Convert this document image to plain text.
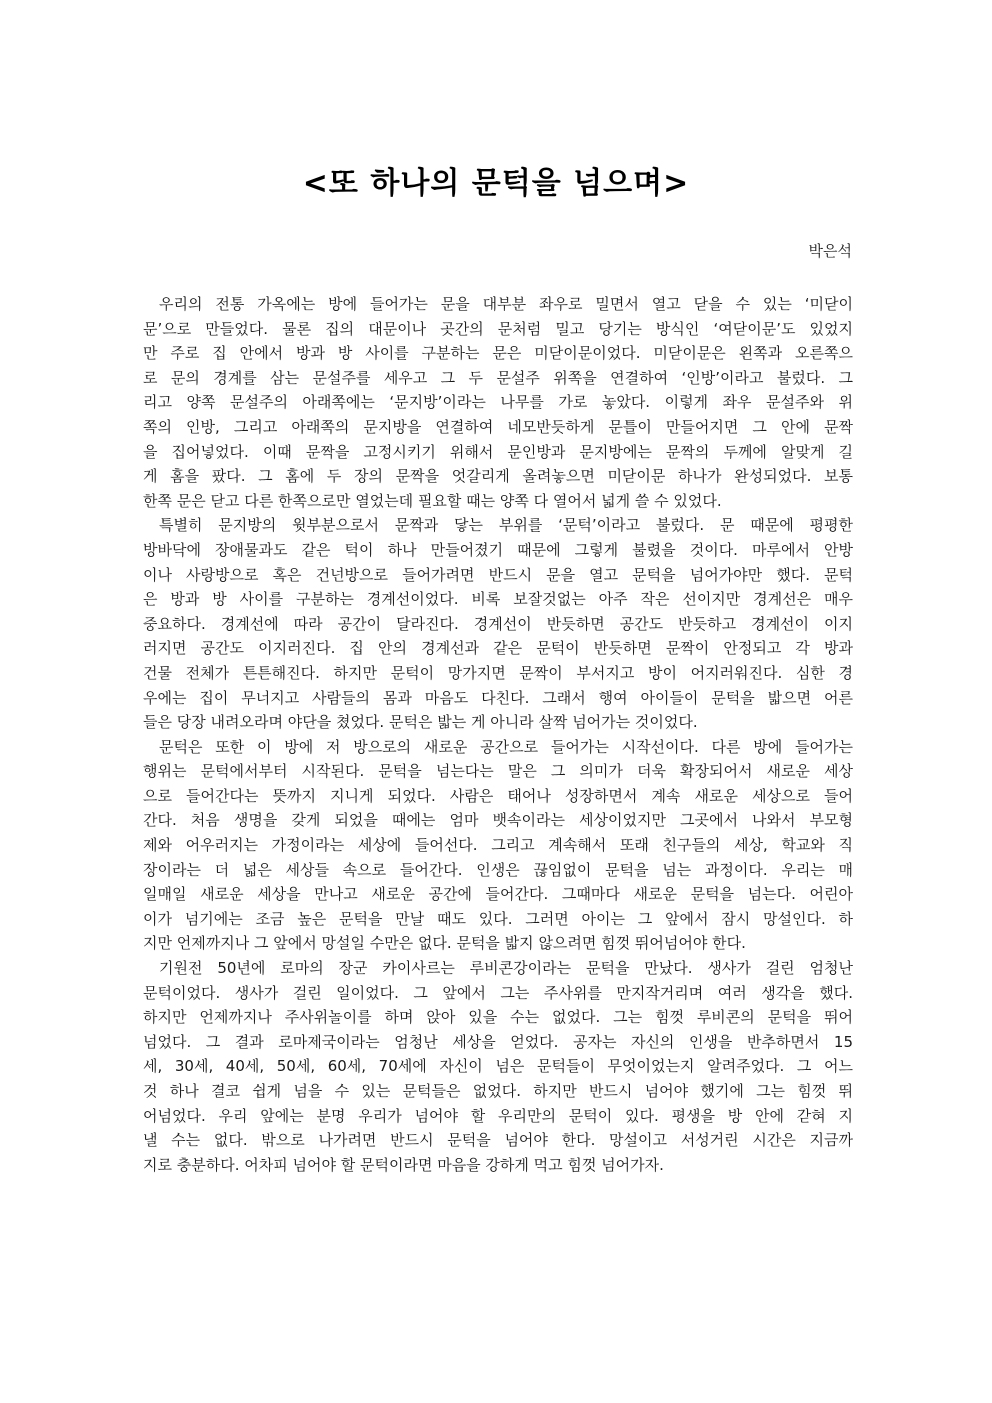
<또 하나의 문턱을 넘으며>
박은석
우리의 전통 가옥에는 방에 들어가는 문을 대부분 좌우로 밀면서 열고 닫을 수 있는 ‘미닫이
문’으로 만들었다. 물론 집의 대문이나 곳간의 문처럼 밀고 당기는 방식인 ‘여닫이문’도 있었지
만 주로 집 안에서 방과 방 사이를 구분하는 문은 미닫이문이었다. 미닫이문은 왼쪽과 오른쪽으
로 문의 경계를 삼는 문설주를 세우고 그 두 문설주 위쪽을 연결하여 ‘인방’이라고 불렀다. 그
리고 양쪽 문설주의 아래쪽에는 ‘문지방’이라는 나무를 가로 놓았다. 이렇게 좌우 문설주와 위
쪽의 인방, 그리고 아래쪽의 문지방을 연결하여 네모반듯하게 문틀이 만들어지면 그 안에 문짝
을 집어넣었다. 이때 문짝을 고정시키기 위해서 문인방과 문지방에는 문짝의 두께에 알맞게 길
게 홈을 팠다. 그 홈에 두 장의 문짝을 엇갈리게 올려놓으면 미닫이문 하나가 완성되었다. 보통
한쪽 문은 닫고 다른 한쪽으로만 열었는데 필요할 때는 양쪽 다 열어서 넓게 쓸 수 있었다.
특별히 문지방의 윗부분으로서 문짝과 닿는 부위를 ‘문턱’이라고 불렀다. 문 때문에 평평한
방바닥에 장애물과도 같은 턱이 하나 만들어졌기 때문에 그렇게 불렸을 것이다. 마루에서 안방
이나 사랑방으로 혹은 건넌방으로 들어가려면 반드시 문을 열고 문턱을 넘어가야만 했다. 문턱
은 방과 방 사이를 구분하는 경계선이었다. 비록 보잘것없는 아주 작은 선이지만 경계선은 매우
중요하다. 경계선에 따라 공간이 달라진다. 경계선이 반듯하면 공간도 반듯하고 경계선이 이지
러지면 공간도 이지러진다. 집 안의 경계선과 같은 문턱이 반듯하면 문짝이 안정되고 각 방과
건물 전체가 튼튼해진다. 하지만 문턱이 망가지면 문짝이 부서지고 방이 어지러워진다. 심한 경
우에는 집이 무너지고 사람들의 몸과 마음도 다친다. 그래서 행여 아이들이 문턱을 밟으면 어른
들은 당장 내려오라며 야단을 쳤었다. 문턱은 밟는 게 아니라 살짝 넘어가는 것이었다.
문턱은 또한 이 방에 저 방으로의 새로운 공간으로 들어가는 시작선이다. 다른 방에 들어가는
행위는 문턱에서부터 시작된다. 문턱을 넘는다는 말은 그 의미가 더욱 확장되어서 새로운 세상
으로 들어간다는 뜻까지 지니게 되었다. 사람은 태어나 성장하면서 계속 새로운 세상으로 들어
간다. 처음 생명을 갖게 되었을 때에는 엄마 뱃속이라는 세상이었지만 그곳에서 나와서 부모형
제와 어우러지는 가정이라는 세상에 들어선다. 그리고 계속해서 또래 친구들의 세상, 학교와 직
장이라는 더 넓은 세상들 속으로 들어간다. 인생은 끊임없이 문턱을 넘는 과정이다. 우리는 매
일매일 새로운 세상을 만나고 새로운 공간에 들어간다. 그때마다 새로운 문턱을 넘는다. 어린아
이가 넘기에는 조금 높은 문턱을 만날 때도 있다. 그러면 아이는 그 앞에서 잠시 망설인다. 하
지만 언제까지나 그 앞에서 망설일 수만은 없다. 문턱을 밟지 않으려면 힘껏 뛰어넘어야 한다.
기원전 50년에 로마의 장군 카이사르는 루비콘강이라는 문턱을 만났다. 생사가 걸린 엄청난
문턱이었다. 생사가 걸린 일이었다. 그 앞에서 그는 주사위를 만지작거리며 여러 생각을 했다.
하지만 언제까지나 주사위놀이를 하며 앉아 있을 수는 없었다. 그는 힘껏 루비콘의 문턱을 뛰어
넘었다. 그 결과 로마제국이라는 엄청난 세상을 얻었다. 공자는 자신의 인생을 반추하면서 15
세, 30세, 40세, 50세, 60세, 70세에 자신이 넘은 문턱들이 무엇이었는지 알려주었다. 그 어느
것 하나 결코 쉽게 넘을 수 있는 문턱들은 없었다. 하지만 반드시 넘어야 했기에 그는 힘껏 뛰
어넘었다. 우리 앞에는 분명 우리가 넘어야 할 우리만의 문턱이 있다. 평생을 방 안에 갇혀 지
낼 수는 없다. 밖으로 나가려면 반드시 문턱을 넘어야 한다. 망설이고 서성거린 시간은 지금까
지로 충분하다. 어차피 넘어야 할 문턱이라면 마음을 강하게 먹고 힘껏 넘어가자.
